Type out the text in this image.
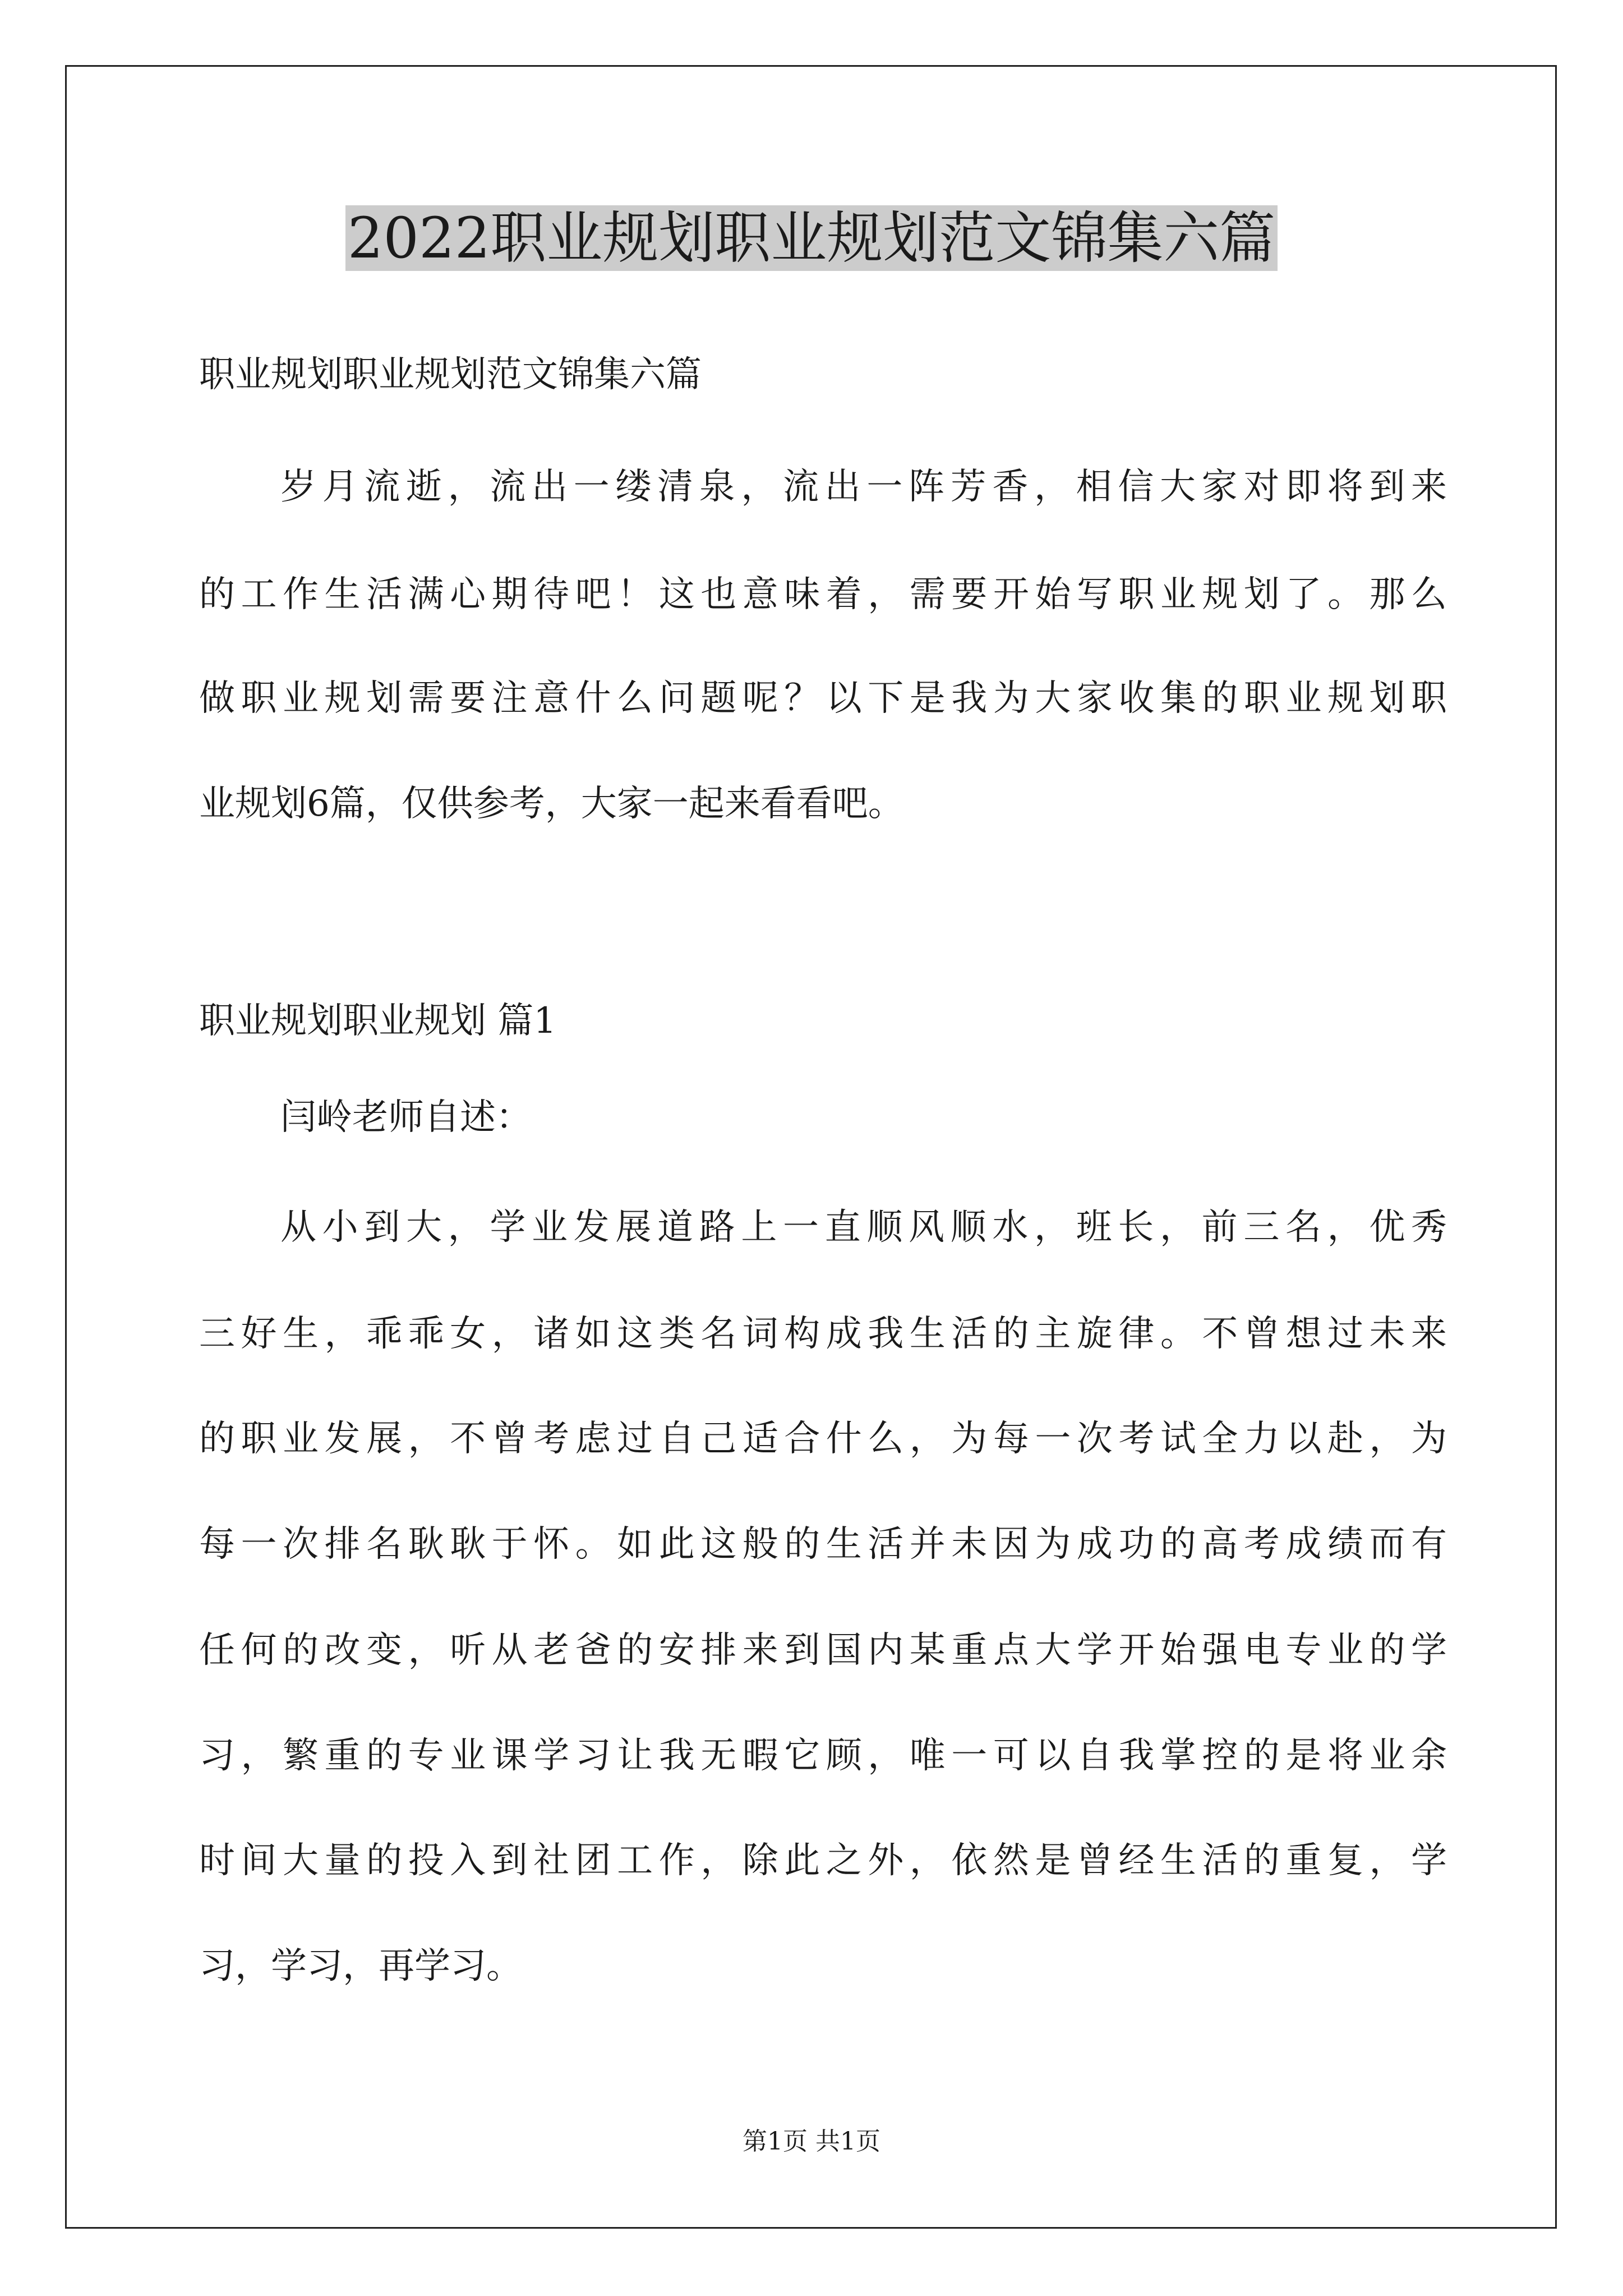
2022职业规划职业规划范文锦集六篇
职业规划职业规划范文锦集六篇
岁月流逝，流出一缕清泉，流出一阵芳香，相信大家对即将到来
的工作生活满心期待吧！这也意味着，需要开始写职业规划了。那么
做职业规划需要注意什么问题呢？以下是我为大家收集的职业规划职
业规划6篇，仅供参考，大家一起来看看吧。
职业规划职业规划 篇1
闫岭老师自述：
从小到大，学业发展道路上一直顺风顺水，班长，前三名，优秀
三好生，乖乖女，诸如这类名词构成我生活的主旋律。不曾想过未来
的职业发展，不曾考虑过自己适合什么，为每一次考试全力以赴，为
每一次排名耿耿于怀。如此这般的生活并未因为成功的高考成绩而有
任何的改变，听从老爸的安排来到国内某重点大学开始强电专业的学
习，繁重的专业课学习让我无暇它顾，唯一可以自我掌控的是将业余
时间大量的投入到社团工作，除此之外，依然是曾经生活的重复，学
习，学习，再学习。
第1页 共1页
